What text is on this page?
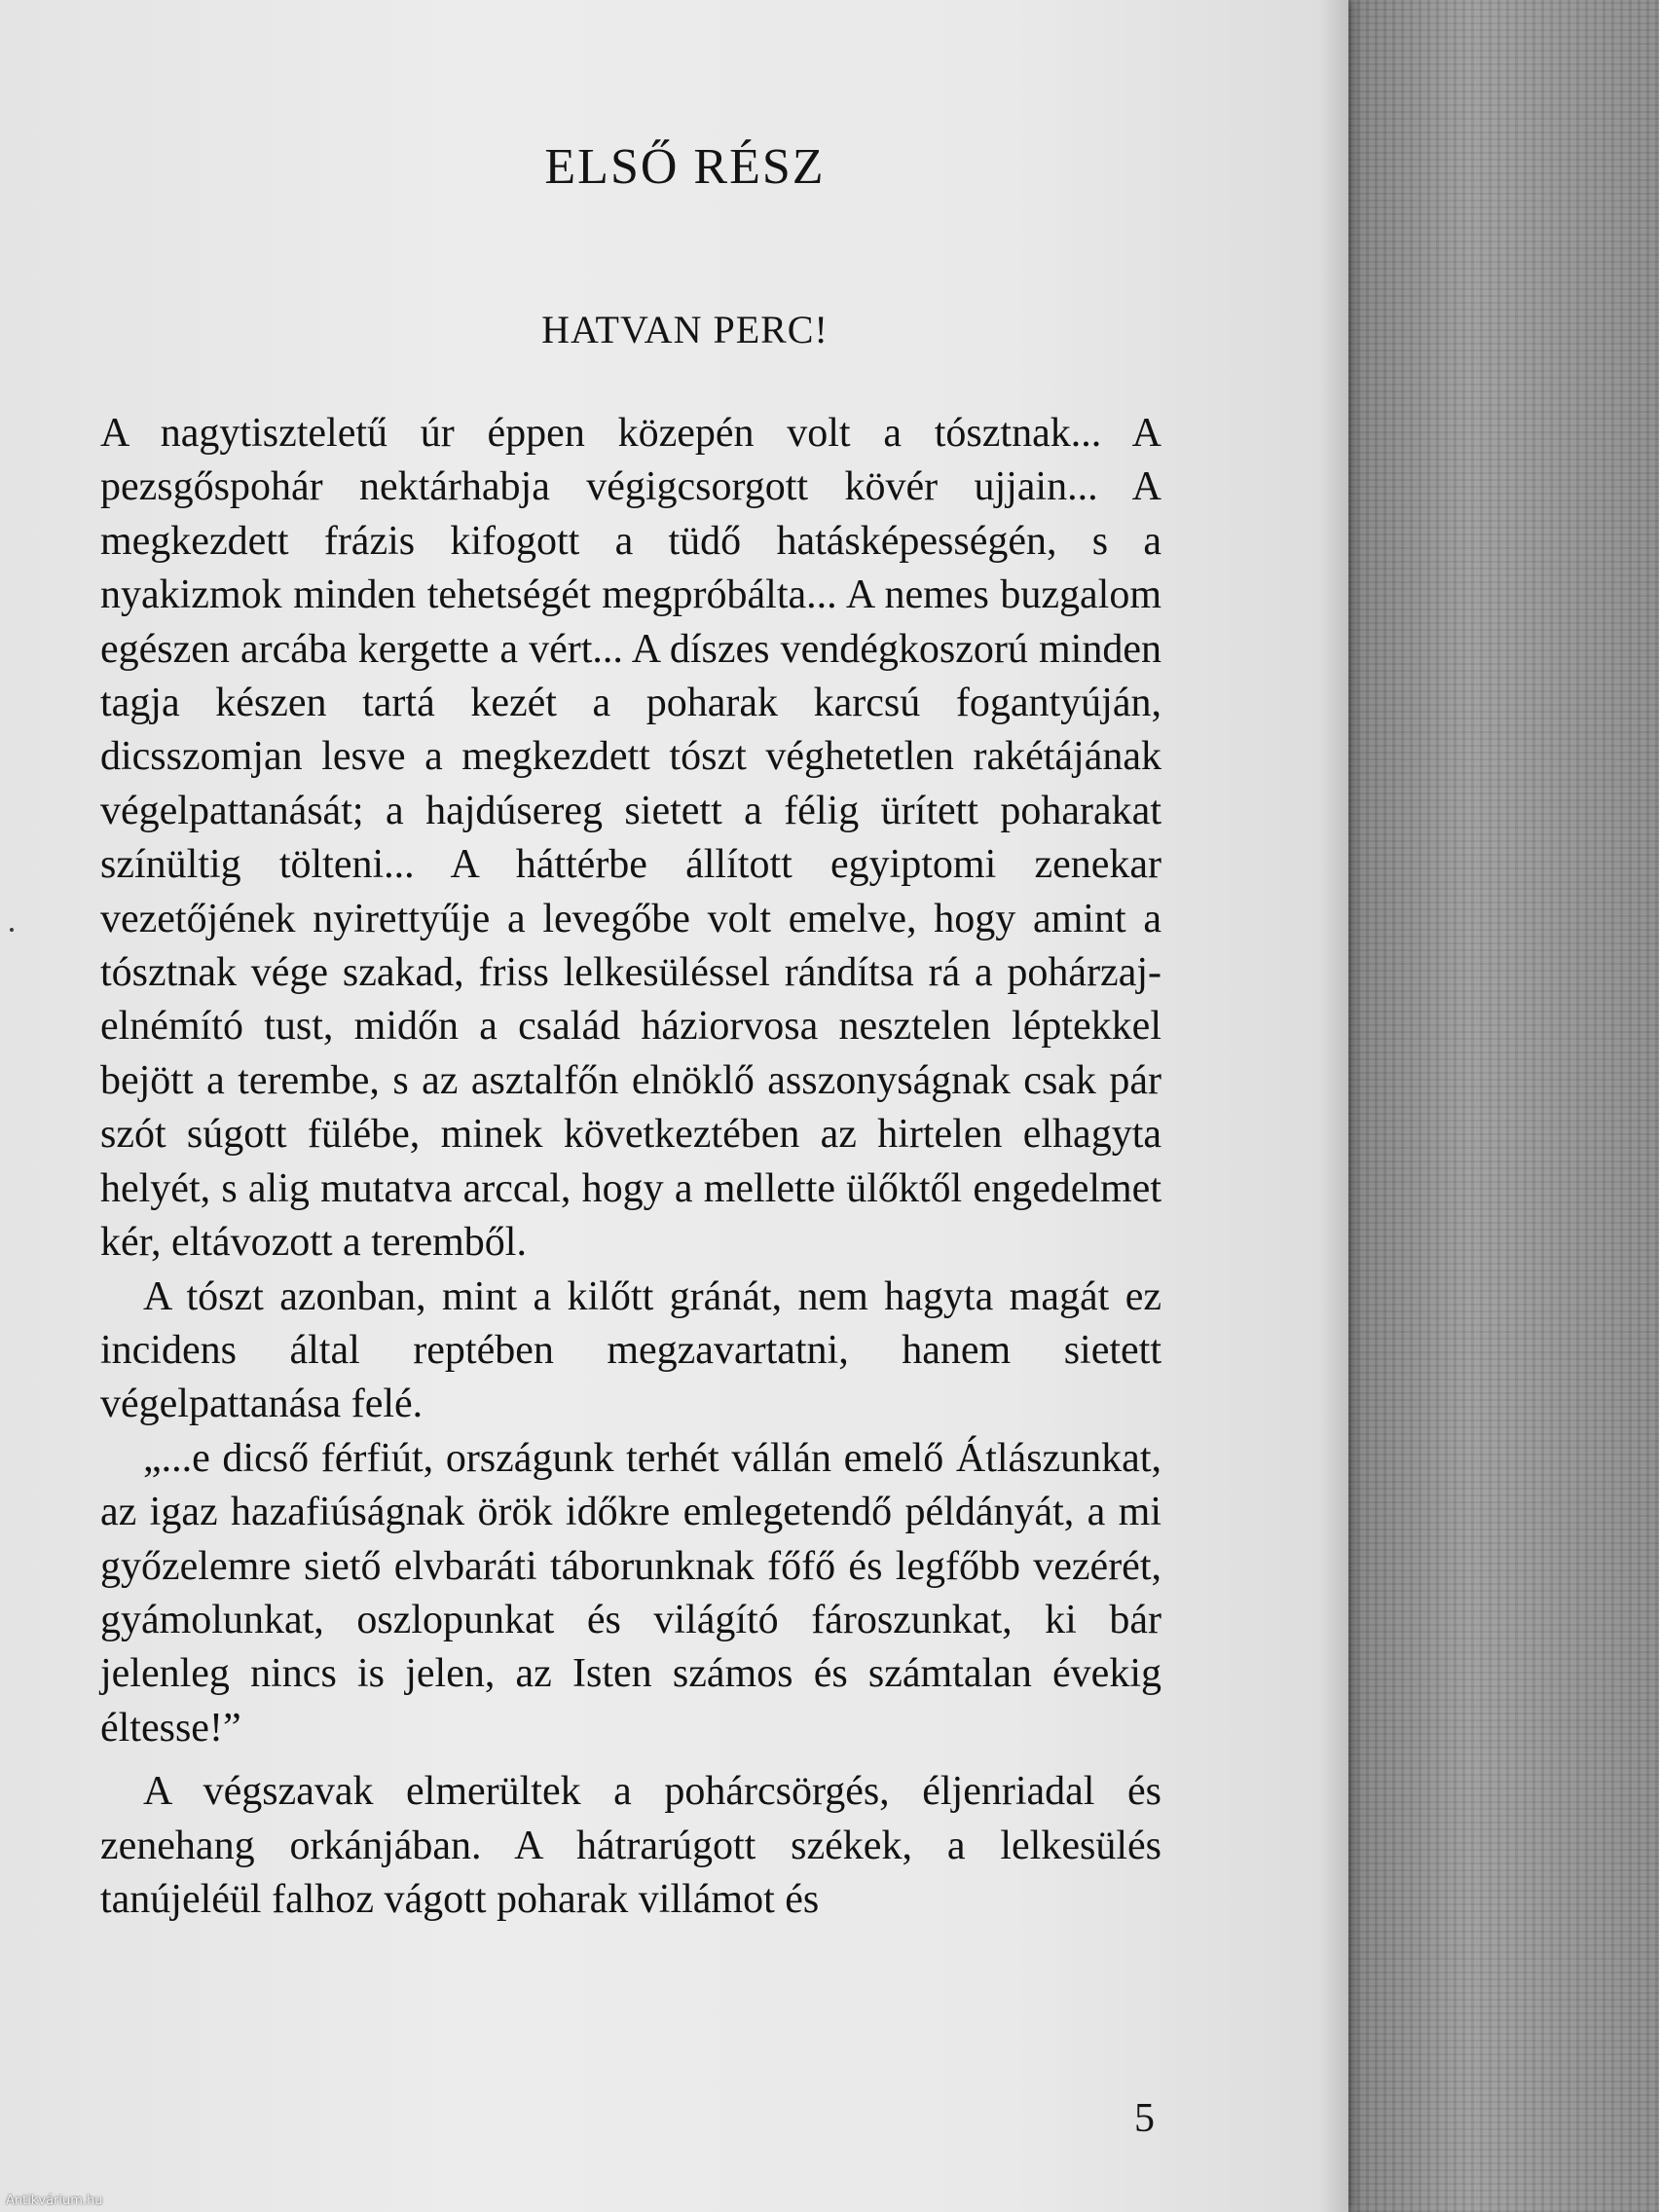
ELSŐ RÉSZ
HATVAN PERC!

A nagytiszteletű úr éppen közepén volt a tósztnak... A pezsgőspohár nektárhabja végigcsorgott kövér ujjain... A megkezdett frázis kifogott a tüdő hatásképességén, s a nyakizmok minden tehetségét megpróbálta... A nemes buzgalom egészen arcába kergette a vért... A díszes vendégkoszorú minden tagja készen tartá kezét a poharak karcsú fogantyúján, dicsszomjan lesve a megkezdett tószt véghetetlen rakétájának végelpattanását; a hajdúsereg sietett a félig ürített poharakat színültig tölteni... A háttérbe állított egyiptomi zenekar vezetőjének nyirettyűje a levegőbe volt emelve, hogy amint a tósztnak vége szakad, friss lelkesüléssel rándítsa rá a pohárzaj-elnémító tust, midőn a család háziorvosa nesztelen léptekkel bejött a terembe, s az asztalfőn elnöklő asszonyságnak csak pár szót súgott fülébe, minek következtében az hirtelen elhagyta helyét, s alig mutatva arccal, hogy a mellette ülőktől engedelmet kér, eltávozott a teremből.

A tószt azonban, mint a kilőtt gránát, nem hagyta magát ez incidens által reptében megzavartatni, hanem sietett végelpattanása felé.

„...e dicső férfiút, országunk terhét vállán emelő Átlászunkat, az igaz hazafiúságnak örök időkre emlegetendő példányát, a mi győzelemre siető elvbaráti táborunknak főfő és legfőbb vezérét, gyámolunkat, oszlopunkat és világító fároszunkat, ki bár jelenleg nincs is jelen, az Isten számos és számtalan évekig éltesse!”

A végszavak elmerültek a pohárcsörgés, éljenriadal és zenehang orkánjában. A hátrarúgott székek, a lelkesülés tanújeléül falhoz vágott poharak villámot és

5
Antikvárium.hu
